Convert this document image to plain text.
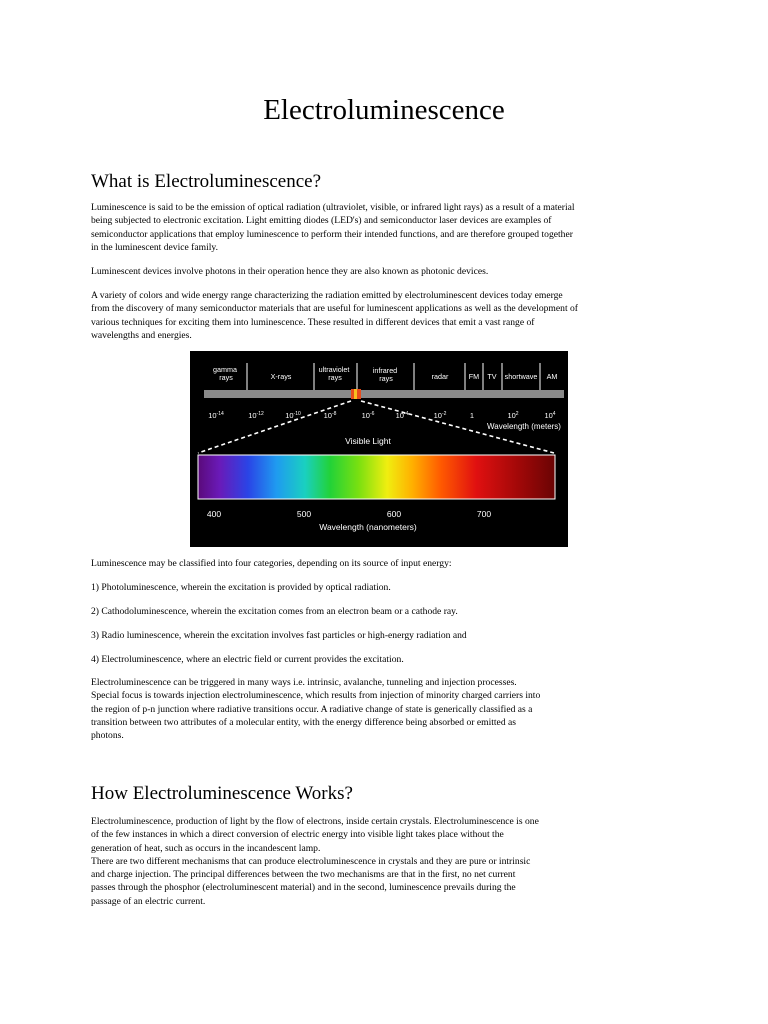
Electroluminescence
What is Electroluminescence?

Luminescence is said to be the emission of optical radiation (ultraviolet, visible, or infrared light rays) as a result of a material
being subjected to electronic excitation. Light emitting diodes (LED's) and semiconductor laser devices are examples of
semiconductor applications that employ luminescence to perform their intended functions, and are therefore grouped together
in the luminescent device family.

Luminescent devices involve photons in their operation hence they are also known as photonic devices.

A variety of colors and wide energy range characterizing the radiation emitted by electroluminescent devices today emerge
from the discovery of many semiconductor materials that are useful for luminescent applications as well as the development of
various techniques for exciting them into luminescence. These resulted in different devices that emit a vast range of
wavelengths and energies.

gamma rays	X-rays
ultraviolet rays
infrared rays	radar	FM TV shortwave AM
$10^{-14}$	$10^{-12}$	$10^{-10}$	$10^{-8}$	$10^{-6}$	$10^{-4}$	$10^{-2}$	1	$10^2$	$10^4$
Wavelength (meters)
Visible Light
400	500	600	700
Wavelength (nanometers)

Luminescence may be classified into four categories, depending on its source of input energy:

1) Photoluminescence, wherein the excitation is provided by optical radiation.

2) Cathodoluminescence, wherein the excitation comes from an electron beam or a cathode ray.

3) Radio luminescence, wherein the excitation involves fast particles or high-energy radiation and

4) Electroluminescence, where an electric field or current provides the excitation.

Electroluminescence can be triggered in many ways i.e. intrinsic, avalanche, tunneling and injection processes.
Special focus is towards injection electroluminescence, which results from injection of minority charged carriers into
the region of p-n junction where radiative transitions occur. A radiative change of state is generically classified as a
transition between two attributes of a molecular entity, with the energy difference being absorbed or emitted as
photons.

How Electroluminescence Works?

Electroluminescence, production of light by the flow of electrons, inside certain crystals. Electroluminescence is one
of the few instances in which a direct conversion of electric energy into visible light takes place without the
generation of heat, such as occurs in the incandescent lamp.
There are two different mechanisms that can produce electroluminescence in crystals and they are pure or intrinsic
and charge injection. The principal differences between the two mechanisms are that in the first, no net current
passes through the phosphor (electroluminescent material) and in the second, luminescence prevails during the
passage of an electric current.
